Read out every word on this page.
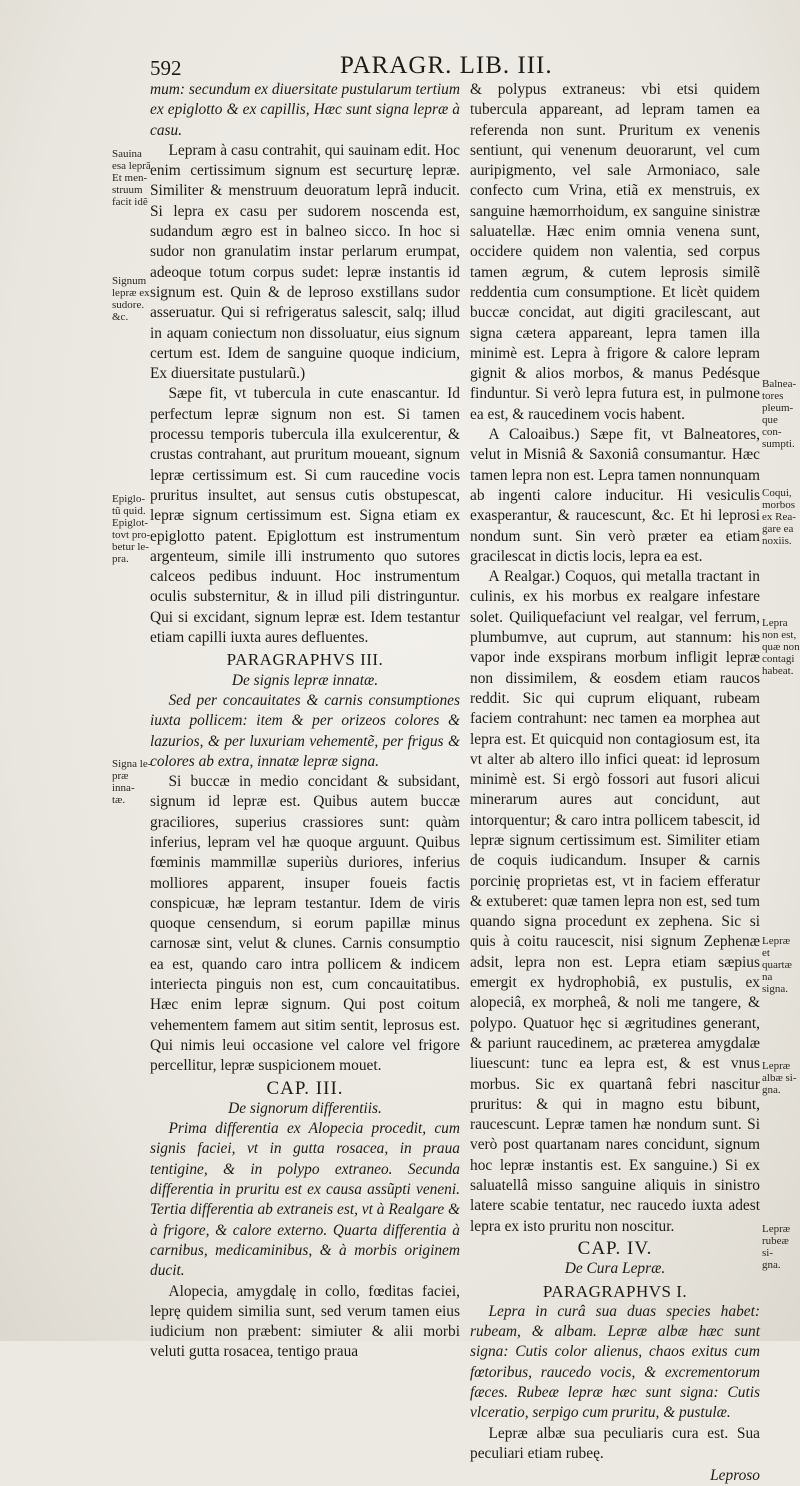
592	PARAGR. LIB. III.

mum: secundum ex diuersitate pustularum tertium ex epiglotto & ex capillis, Hæc sunt signa lepræ à casu.

Lepram à casu contrahit, qui sauinam edit. Hoc enim certissimum signum est securturę lepræ. Similiter & menstruum deuoratum leprã inducit. Si lepra ex casu per sudorem noscenda est, sudandum ægro est in balneo sicco. In hoc si sudor non granulatim instar perlarum erumpat, adeoque totum corpus sudet: lepræ instantis id signum est. Quin & de leproso exstillans sudor asseruatur. Qui si refrigeratus salescit, salq; illud in aquam coniectum non dissoluatur, eius signum certum est. Idem de sanguine quoque indicium, Ex diuersitate pustularũ.)

Sæpe fit, vt tubercula in cute enascantur. Id perfectum lepræ signum non est. Si tamen processu temporis tubercula illa exulcerentur, & crustas contrahant, aut pruritum moueant, signum lepræ certissimum est. Si cum raucedine vocis pruritus insultet, aut sensus cutis obstupescat, lepræ signum certissimum est. Signa etiam ex epiglotto patent. Epiglottum est instrumentum argenteum, simile illi instrumento quo sutores calceos pedibus induunt. Hoc instrumentum oculis substernitur, & in illud pili distringuntur. Qui si excidant, signum lepræ est. Idem testantur etiam capilli iuxta aures defluentes.

PARAGRAPHVS III.

De signis lepræ innatæ.

Sed per concauitates & carnis consumptiones iuxta pollicem: item & per orizeos colores & lazurios, & per luxuriam vehementẽ, per frigus & colores ab extra, innatæ lepræ signa.

Si buccæ in medio concidant & subsidant, signum id lepræ est. Quibus autem buccæ graciliores, superius crassiores sunt: quàm inferius, lepram vel hæ quoque arguunt. Quibus fœminis mammillæ superiùs duriores, inferius molliores apparent, insuper foueis factis conspicuæ, hæ lepram testantur. Idem de viris quoque censendum, si eorum papillæ minus carnosæ sint, velut & clunes. Carnis consumptio ea est, quando caro intra pollicem & indicem interiecta pinguis non est, cum concauitatibus. Hæc enim lepræ signum. Qui post coitum vehementem famem aut sitim sentit, leprosus est. Qui nimis leui occasione vel calore vel frigore percellitur, lepræ suspicionem mouet.

CAP. III.

De signorum differentiis.

Prima differentia ex Alopecia procedit, cum signis faciei, vt in gutta rosacea, in praua tentigine, & in polypo extraneo. Secunda differentia in pruritu est ex causa assũpti veneni. Tertia differentia ab extraneis est, vt à Realgare & à frigore, & calore externo. Quarta differentia à carnibus, medicaminibus, & à morbis originem ducit.

Alopecia, amygdalę in collo, fœditas faciei, leprę quidem similia sunt, sed verum tamen eius iudicium non præbent: simiuter & alii morbi veluti gutta rosacea, tentigo praua

& polypus extraneus: vbi etsi quidem tubercula appareant, ad lepram tamen ea referenda non sunt. Pruritum ex venenis sentiunt, qui venenum deuorarunt, vel cum auripigmento, vel sale Armoniaco, sale confecto cum Vrina, etiã ex menstruis, ex sanguine hæmorrhoidum, ex sanguine sinistræ saluatellæ. Hæc enim omnia venena sunt, occidere quidem non valentia, sed corpus tamen ægrum, & cutem leprosis similẽ reddentia cum consumptione. Et licèt quidem buccæ concidat, aut digiti gracilescant, aut signa cætera appareant, lepra tamen illa minimè est. Lepra à frigore & calore lepram gignit & alios morbos, & manus Pedésque finduntur. Si verò lepra futura est, in pulmone ea est, & raucedinem vocis habent.

A Caloaibus.) Sæpe fit, vt Balneatores, velut in Misniâ & Saxoniâ consumantur. Hæc tamen lepra non est. Lepra tamen nonnunquam ab ingenti calore inducitur. Hi vesiculis exasperantur, & raucescunt, &c. Et hi leprosi nondum sunt. Sin verò præter ea etiam gracilescat in dictis locis, lepra ea est.

A Realgar.) Coquos, qui metalla tractant in culinis, ex his morbus ex realgare infestare solet. Quiliquefaciunt vel realgar, vel ferrum, plumbumve, aut cuprum, aut stannum: his vapor inde exspirans morbum infligit lepræ non dissimilem, & eosdem etiam raucos reddit. Sic qui cuprum eliquant, rubeam faciem contrahunt: nec tamen ea morphea aut lepra est. Et quicquid non contagiosum est, ita vt alter ab altero illo infici queat: id leprosum minimè est. Si ergò fossori aut fusori alicui minerarum aures aut concidunt, aut intorquentur; & caro intra pollicem tabescit, id lepræ signum certissimum est. Similiter etiam de coquis iudicandum. Insuper & carnis porcinię proprietas est, vt in faciem efferatur & extuberet: quæ tamen lepra non est, sed tum quando signa procedunt ex zephena. Sic si quis à coitu raucescit, nisi signum Zephenæ adsit, lepra non est. Lepra etiam sæpius emergit ex hydrophobiâ, ex pustulis, ex alopeciâ, ex morpheâ, & noli me tangere, & polypo. Quatuor hęc si ægritudines generant, & pariunt raucedinem, ac præterea amygdalæ liuescunt: tunc ea lepra est, & est vnus morbus. Sic ex quartanâ febri nascitur pruritus: & qui in magno estu bibunt, raucescunt. Lepræ tamen hæ nondum sunt. Si verò post quartanam nares concidunt, signum hoc lepræ instantis est. Ex sanguine.) Si ex saluatellâ misso sanguine aliquis in sinistro latere scabie tentatur, nec raucedo iuxta adest lepra ex isto pruritu non noscitur.

CAP. IV.

De Cura Lepræ.

PARAGRAPHVS I.

Lepra in curâ sua duas species habet: rubeam, & albam. Lepræ albæ hæc sunt signa: Cutis color alienus, chaos exitus cum fœtoribus, raucedo vocis, & excrementorum fæces. Rubeæ lepræ hæc sunt signa: Cutis vlceratio, serpigo cum pruritu, & pustulæ.

Lepræ albæ sua peculiaris cura est. Sua peculiari etiam rubeę.

Leproso

Sauina
esa leprã
Et men-
struum
facit idẽ
Signum
lepræ ex
sudore.
&c.
Epiglo-
tũ quid.
Epiglot-
tovt pro-
betur le-
pra.
Signa le-
præ inna-
tæ.
Balnea-
tores
pleum-
que con-
sumpti.
Coqui,
morbos
ex Rea-
gare ea
noxiis.
Lepra
non est,
quæ non
contagi
habeat.
Lepræ et
quartæ
na signa.
Lepræ
albæ si-
gna.
Lepræ
rubeæ si-
gna.
